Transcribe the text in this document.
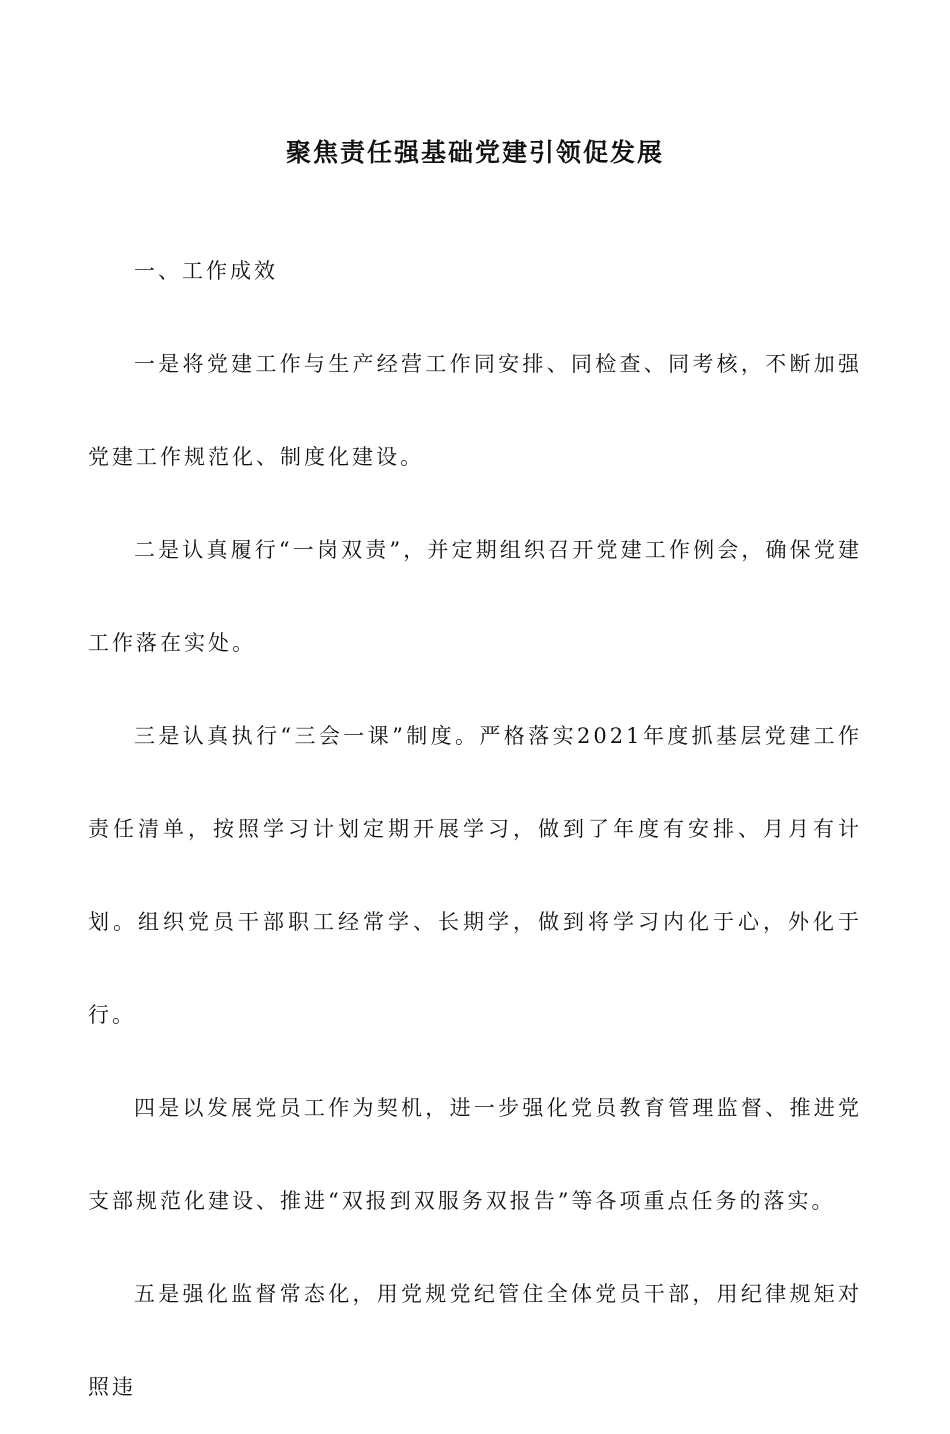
聚焦责任强基础党建引领促发展

一、工作成效

一是将党建工作与生产经营工作同安排、同检查、同考核，不断加强党建工作规范化、制度化建设。

二是认真履行“一岗双责”，并定期组织召开党建工作例会，确保党建工作落在实处。

三是认真执行“三会一课”制度。严格落实2021年度抓基层党建工作责任清单，按照学习计划定期开展学习，做到了年度有安排、月月有计划。组织党员干部职工经常学、长期学，做到将学习内化于心，外化于行。

四是以发展党员工作为契机，进一步强化党员教育管理监督、推进党支部规范化建设、推进“双报到双服务双报告”等各项重点任务的落实。

五是强化监督常态化，用党规党纪管住全体党员干部，用纪律规矩对照违
